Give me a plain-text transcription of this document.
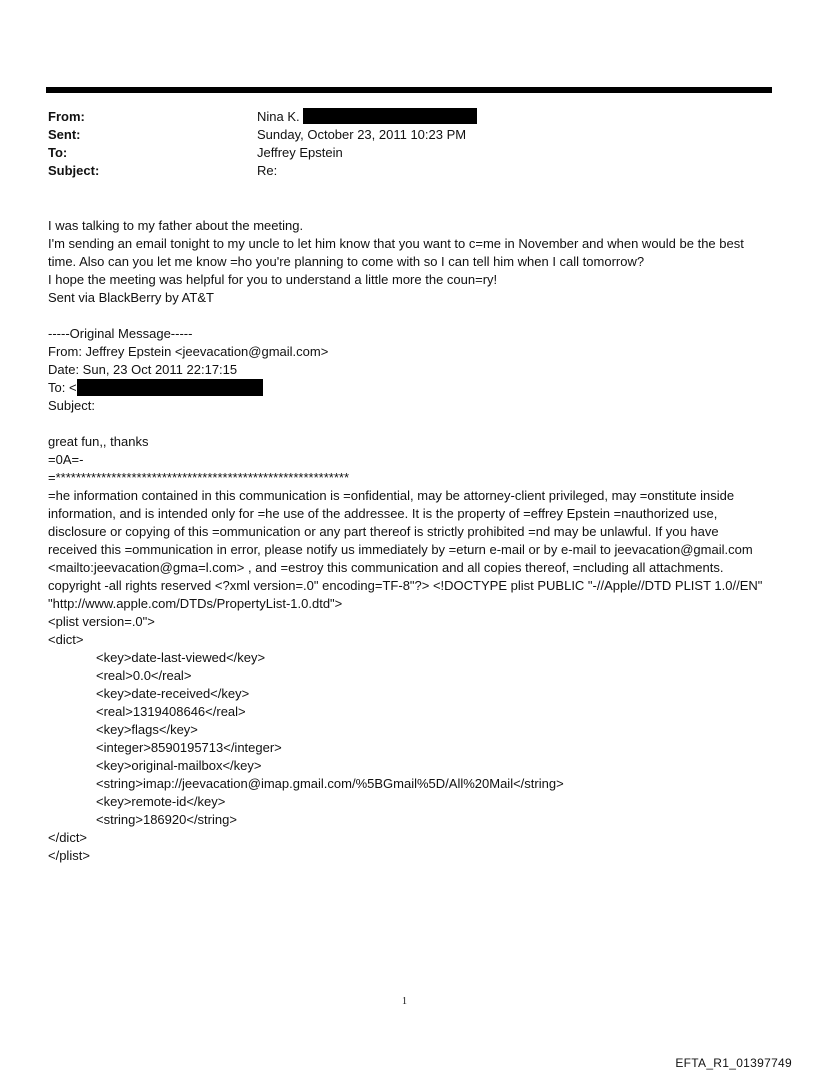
From:	Nina K.
Sent:	Sunday, October 23, 2011 10:23 PM
To:	Jeffrey Epstein
Subject:	Re:

I was talking to my father about the meeting.

I'm sending an email tonight to my uncle to let him know that you want to c=me in November and when would be the best time. Also can you let me know =ho you're planning to come with so I can tell him when I call tomorrow?

I hope the meeting was helpful for you to understand a little more the coun=ry!

Sent via BlackBerry by AT&T

-----Original Message-----

From: Jeffrey Epstein <jeevacation@gmail.com>

Date: Sun, 23 Oct 2011 22:17:15

To: <

Subject:

great fun,, thanks

=0A=-

=**********************************************************

=he information contained in this communication is =onfidential, may be attorney-client privileged, may =onstitute inside information, and is intended only for =he use of the addressee. It is the property of =effrey Epstein =nauthorized use, disclosure or copying of this =ommunication or any part thereof is strictly prohibited =nd may be unlawful. If you have received this =ommunication in error, please notify us immediately by =eturn e-mail or by e-mail to jeevacation@gmail.com <mailto:jeevacation@gma=l.com> , and =estroy this communication and all copies thereof, =ncluding all attachments. copyright -all rights reserved <?xml version=.0" encoding=TF-8"?> <!DOCTYPE plist PUBLIC "-//Apple//DTD PLIST 1.0//EN" "http://www.apple.com/DTDs/PropertyList-1.0.dtd">

<plist version=.0">

<dict>

<key>date-last-viewed</key>

<real>0.0</real>

<key>date-received</key>

<real>1319408646</real>

<key>flags</key>

<integer>8590195713</integer>

<key>original-mailbox</key>

<string>imap://jeevacation@imap.gmail.com/%5BGmail%5D/All%20Mail</string>

<key>remote-id</key>

<string>186920</string>

</dict>

</plist>

1
EFTA_R1_01397749
